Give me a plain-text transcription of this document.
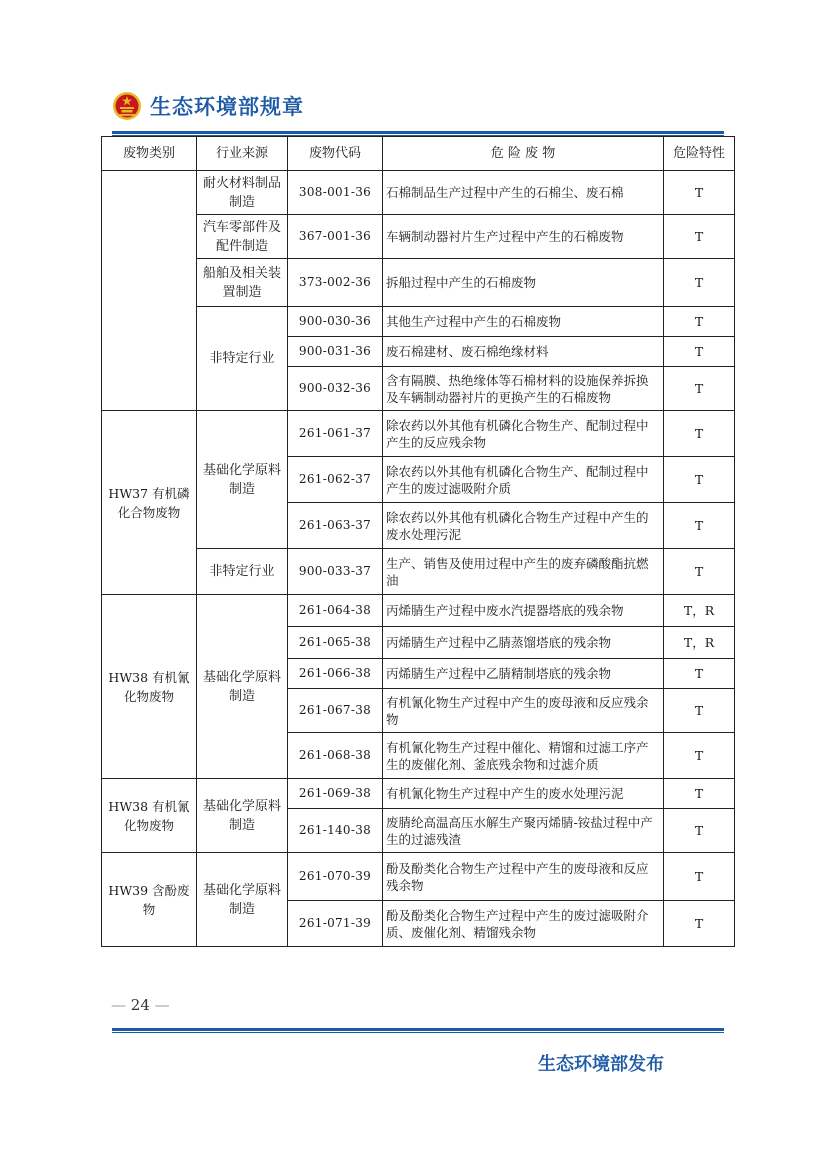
生态环境部规章
废物类别	行业来源	废物代码	危 险 废 物	危险特性
	耐火材料制品制造	308-001-36	石棉制品生产过程中产生的石棉尘、废石棉	T
	汽车零部件及配件制造	367-001-36	车辆制动器衬片生产过程中产生的石棉废物	T
	船舶及相关装置制造	373-002-36	拆船过程中产生的石棉废物	T
	非特定行业	900-030-36	其他生产过程中产生的石棉废物	T
		900-031-36	废石棉建材、废石棉绝缘材料	T
		900-032-36	含有隔膜、热绝缘体等石棉材料的设施保养拆换及车辆制动器衬片的更换产生的石棉废物	T
HW37 有机磷化合物废物	基础化学原料制造	261-061-37	除农药以外其他有机磷化合物生产、配制过程中产生的反应残余物	T
		261-062-37	除农药以外其他有机磷化合物生产、配制过程中产生的废过滤吸附介质	T
		261-063-37	除农药以外其他有机磷化合物生产过程中产生的废水处理污泥	T
	非特定行业	900-033-37	生产、销售及使用过程中产生的废弃磷酸酯抗燃油	T
HW38 有机氰化物废物	基础化学原料制造	261-064-38	丙烯腈生产过程中废水汽提器塔底的残余物	T，R
		261-065-38	丙烯腈生产过程中乙腈蒸馏塔底的残余物	T，R
		261-066-38	丙烯腈生产过程中乙腈精制塔底的残余物	T
		261-067-38	有机氰化物生产过程中产生的废母液和反应残余物	T
		261-068-38	有机氰化物生产过程中催化、精馏和过滤工序产生的废催化剂、釜底残余物和过滤介质	T
HW38 有机氰化物废物	基础化学原料制造	261-069-38	有机氰化物生产过程中产生的废水处理污泥	T
		261-140-38	废腈纶高温高压水解生产聚丙烯腈-铵盐过程中产生的过滤残渣	T
HW39 含酚废物	基础化学原料制造	261-070-39	酚及酚类化合物生产过程中产生的废母液和反应残余物	T
		261-071-39	酚及酚类化合物生产过程中产生的废过滤吸附介质、废催化剂、精馏残余物	T
— 24 —
生态环境部发布
